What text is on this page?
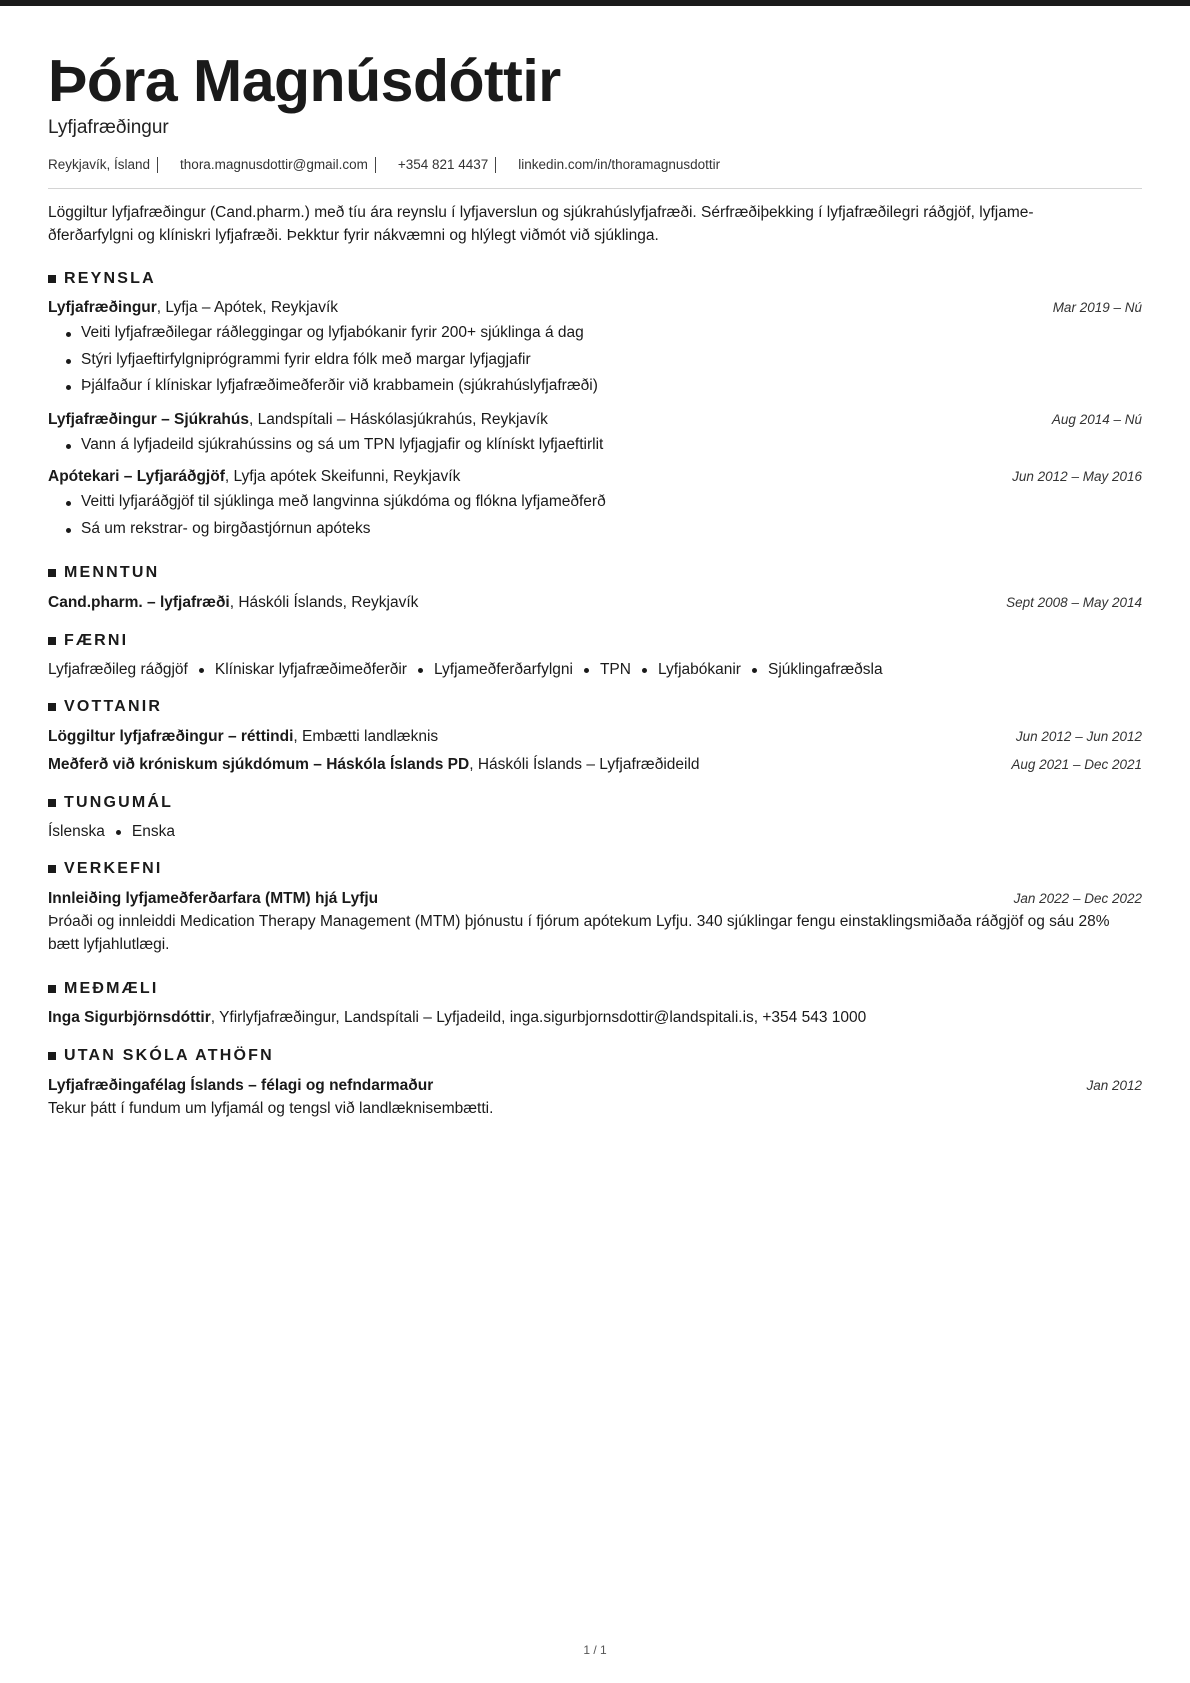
Þóra Magnúsdóttir
Lyfjafræðingur
Reykjavík, Ísland thora.magnusdottir@gmail.com +354 821 4437 linkedin.com/in/thoramagnusdottir
Löggiltur lyfjafræðingur (Cand.pharm.) með tíu ára reynslu í lyfjaverslun og sjúkrahúslyfjafræði. Sérfræðiþekking í lyfjafræðilegri ráðgjöf, lyfjame-
ðferðarfylgni og klíniskri lyfjafræði. Þekktur fyrir nákvæmni og hlýlegt viðmót við sjúklinga.
REYNSLA
Lyfjafræðingur, Lyfja – Apótek, Reykjavík	Mar 2019 – Nú
Veiti lyfjafræðilegar ráðleggingar og lyfjabókanir fyrir 200+ sjúklinga á dag
Stýri lyfjaeftirfylgniprógrammi fyrir eldra fólk með margar lyfjagjafir
Þjálfaður í klíniskar lyfjafræðimeðferðir við krabbamein (sjúkrahúslyfjafræði)
Lyfjafræðingur – Sjúkrahús, Landspítali – Háskólasjúkrahús, Reykjavík	Aug 2014 – Nú
Vann á lyfjadeild sjúkrahússins og sá um TPN lyfjagjafir og klínískt lyfjaeftirlit
Apótekari – Lyfjaráðgjöf, Lyfja apótek Skeifunni, Reykjavík	Jun 2012 – May 2016
Veitti lyfjaráðgjöf til sjúklinga með langvinna sjúkdóma og flókna lyfjameðferð
Sá um rekstrar- og birgðastjórnun apóteks
MENNTUN
Cand.pharm. – lyfjafræði, Háskóli Íslands, Reykjavík	Sept 2008 – May 2014
FÆRNI
Lyfjafræðileg ráðgjöf Klíniskar lyfjafræðimeðferðir Lyfjameðferðarfylgni TPN Lyfjabókanir Sjúklingafræðsla
VOTTANIR
Löggiltur lyfjafræðingur – réttindi, Embætti landlæknis	Jun 2012 – Jun 2012
Meðferð við króniskum sjúkdómum – Háskóla Íslands PD, Háskóli Íslands – Lyfjafræðideild	Aug 2021 – Dec 2021
TUNGUMÁL
Íslenska Enska
VERKEFNI
Innleiðing lyfjameðferðarfara (MTM) hjá Lyfju	Jan 2022 – Dec 2022
Þróaði og innleiddi Medication Therapy Management (MTM) þjónustu í fjórum apótekum Lyfju. 340 sjúklingar fengu einstaklingsmiðaða ráðgjöf og sáu 28% bætt lyfjahlutlægi.
MEÐMÆLI
Inga Sigurbjörnsdóttir, Yfirlyfjafræðingur, Landspítali – Lyfjadeild, inga.sigurbjornsdottir@landspitali.is, +354 543 1000
UTAN SKÓLA ATHÖFN
Lyfjafræðingafélag Íslands – félagi og nefndarmaður	Jan 2012
Tekur þátt í fundum um lyfjamál og tengsl við landlæknisembætti.
1 / 1
